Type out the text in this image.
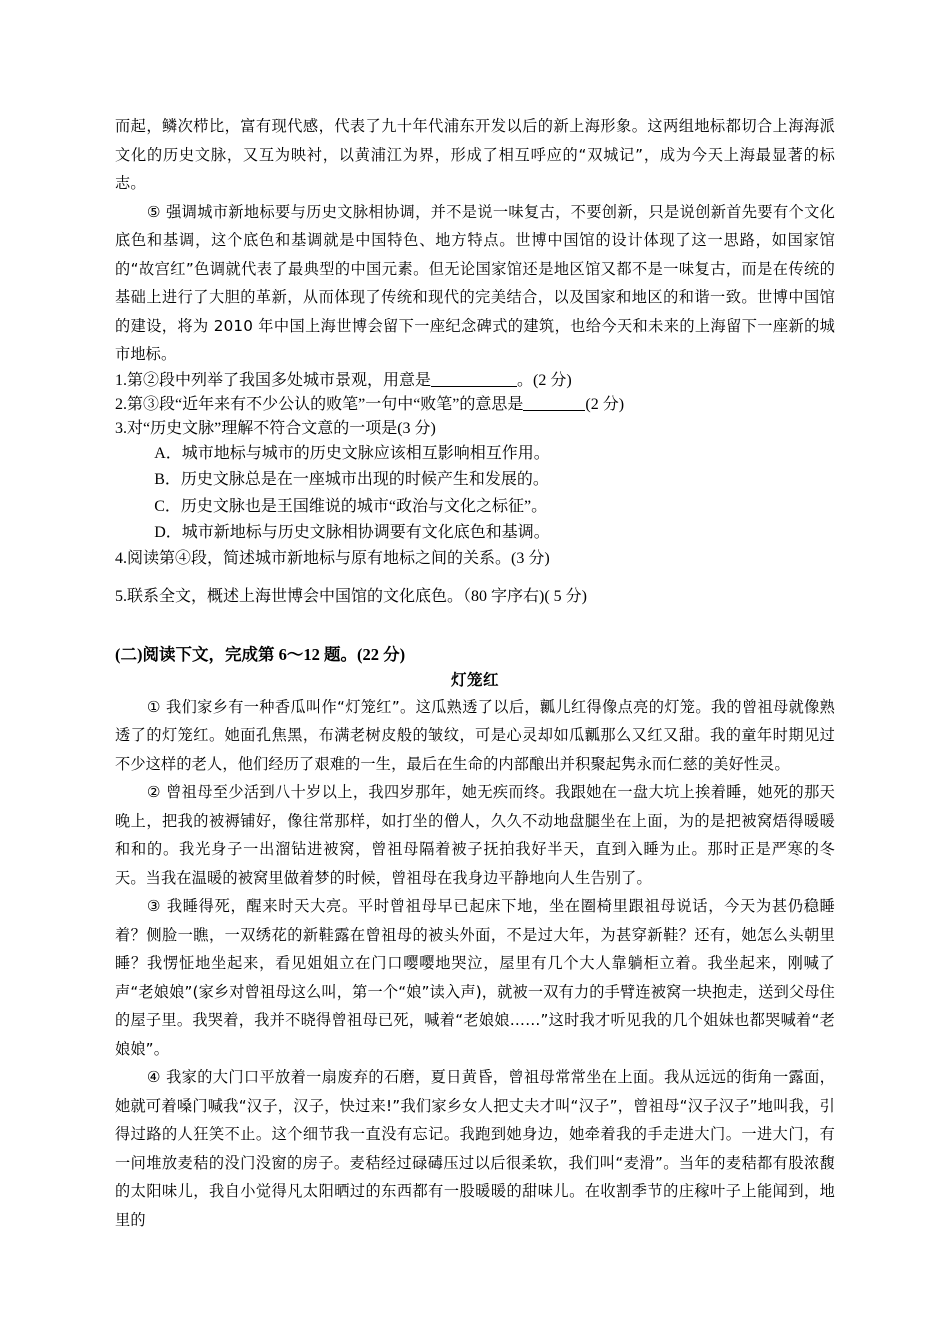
而起，鳞次栉比，富有现代感，代表了九十年代浦东开发以后的新上海形象。这两组地标都切合上海海派文化的历史文脉，又互为映衬，以黄浦江为界，形成了相互呼应的“双城记”，成为今天上海最显著的标志。

⑤ 强调城市新地标要与历史文脉相协调，并不是说一味复古，不要创新，只是说创新首先要有个文化底色和基调，这个底色和基调就是中国特色、地方特点。世博中国馆的设计体现了这一思路，如国家馆的“故宫红”色调就代表了最典型的中国元素。但无论国家馆还是地区馆又都不是一味复古，而是在传统的基础上进行了大胆的革新，从而体现了传统和现代的完美结合，以及国家和地区的和谐一致。世博中国馆的建设，将为 2010 年中国上海世博会留下一座纪念碑式的建筑，也给今天和未来的上海留下一座新的城市地标。

1.第②段中列举了我国多处城市景观，用意是	。(2 分)

2.第③段“近年来有不少公认的败笔”一句中“败笔”的意思是	(2 分)

3.对“历史文脉”理解不符合文意的一项是(3 分)

A．城市地标与城市的历史文脉应该相互影响相互作用。

B．历史文脉总是在一座城市出现的时候产生和发展的。

C．历史文脉也是王国维说的城市“政治与文化之标征”。

D．城市新地标与历史文脉相协调要有文化底色和基调。

4.阅读第④段，简述城市新地标与原有地标之间的关系。(3 分)

5.联系全文，概述上海世博会中国馆的文化底色。（80 字序右)( 5 分)

(二)阅读下文，完成第 6～12 题。(22 分)

灯笼红

① 我们家乡有一种香瓜叫作“灯笼红”。这瓜熟透了以后，瓤儿红得像点亮的灯笼。我的曾祖母就像熟透了的灯笼红。她面孔焦黑，布满老树皮般的皱纹，可是心灵却如瓜瓤那么又红又甜。我的童年时期见过不少这样的老人，他们经历了艰难的一生，最后在生命的内部酿出并积聚起隽永而仁慈的美好性灵。

② 曾祖母至少活到八十岁以上，我四岁那年，她无疾而终。我跟她在一盘大坑上挨着睡，她死的那天晚上，把我的被褥铺好，像往常那样，如打坐的僧人，久久不动地盘腿坐在上面，为的是把被窝焐得暖暖和和的。我光身子一出溜钻进被窝，曾祖母隔着被子抚拍我好半天，直到入睡为止。那时正是严寒的冬天。当我在温暖的被窝里做着梦的时候，曾祖母在我身边平静地向人生告别了。

③ 我睡得死，醒来时天大亮。平时曾祖母早已起床下地，坐在圈椅里跟祖母说话，今天为甚仍稳睡着？侧脸一瞧，一双绣花的新鞋露在曾祖母的被头外面，不是过大年，为甚穿新鞋？还有，她怎么头朝里睡？我愣怔地坐起来，看见姐姐立在门口嘤嘤地哭泣，屋里有几个大人靠躺柜立着。我坐起来，刚喊了声“老娘娘”(家乡对曾祖母这么叫，第一个“娘”读入声)，就被一双有力的手臂连被窝一块抱走，送到父母住的屋子里。我哭着，我并不晓得曾祖母已死，喊着“老娘娘……”这时我才听见我的几个姐妹也都哭喊着“老娘娘”。

④ 我家的大门口平放着一扇废弃的石磨，夏日黄昏，曾祖母常常坐在上面。我从远远的街角一露面，她就可着嗓门喊我“汉子，汉子，快过来!”我们家乡女人把丈夫才叫“汉子”，曾祖母“汉子汉子”地叫我，引得过路的人狂笑不止。这个细节我一直没有忘记。我跑到她身边，她牵着我的手走进大门。一进大门，有一问堆放麦秸的没门没窗的房子。麦秸经过碌碡压过以后很柔软，我们叫“麦滑”。当年的麦秸都有股浓馥的太阳味儿，我自小觉得凡太阳晒过的东西都有一股暖暖的甜味儿。在收割季节的庄稼叶子上能闻到，地里的
